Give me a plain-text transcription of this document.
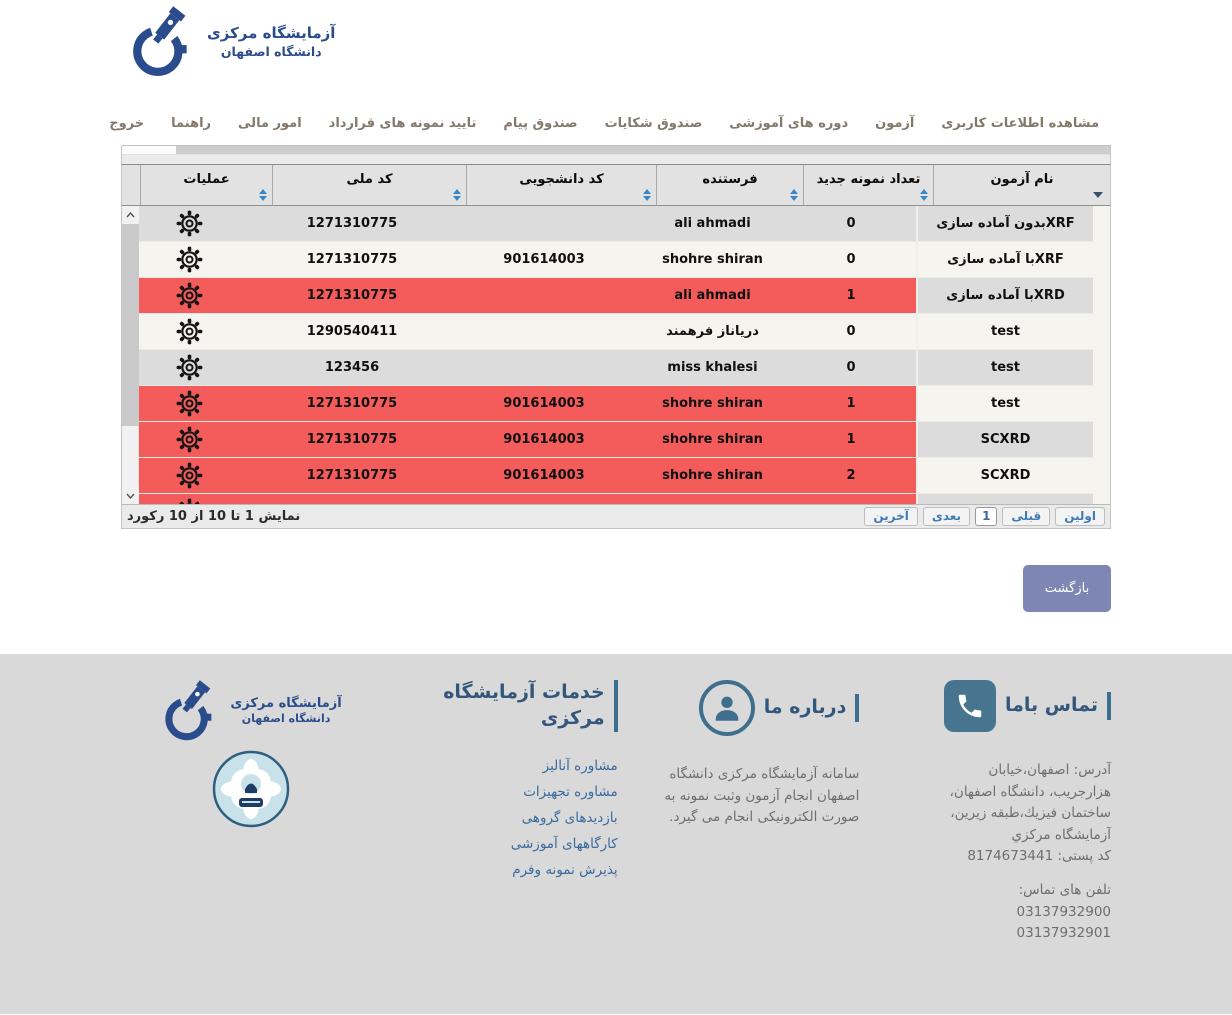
آزمایشگاه مرکزی
دانشگاه اصفهان
مشاهده اطلاعات کاربری
آزمون
دوره های آموزشی
صندوق شکایات
صندوق پیام
تایید نمونه های قرارداد
امور مالی
راهنما
خروج
نام آزمون
تعداد نمونه جدید
فرستنده
کد دانشجویی
کد ملی
عملیات
XRFبدون آماده سازی
0
ali ahmadi
1271310775
XRFبا آماده سازی
0
shohre shiran
901614003
1271310775
XRDبا آماده سازی
1
ali ahmadi
1271310775
test
0
دریاناز فرهمند
1290540411
test
0
miss khalesi
123456
test
1
shohre shiran
901614003
1271310775
SCXRD
1
shohre shiran
901614003
1271310775
SCXRD
2
shohre shiran
901614003
1271310775
نمایش 1 تا 10 از 10 رکورد	اولین
قبلی
1
بعدی
آخرین
بازگشت
تماس باما
آدرس: اصفهان،خیابان
هزارجریب، دانشگاه اصفهان،
ساختمان فیزیك،طبقه زیرین،
آزمایشگاه مركزي
کد پستی: 8174673441
تلفن های تماس:
03137932900
03137932901
درباره ما
سامانه آزمایشگاه مرکزی دانشگاه اصفهان انجام آزمون وثبت نمونه به صورت الکترونیکی انجام می گیرد.
خدمات آزمایشگاه مرکزی
مشاوره آنالیز
مشاوره تجهیزات
بازدیدهای گروهی
کارگاههای آموزشی
پذیرش نمونه وفرم
آزمایشگاه مرکزی
دانشگاه اصفهان
